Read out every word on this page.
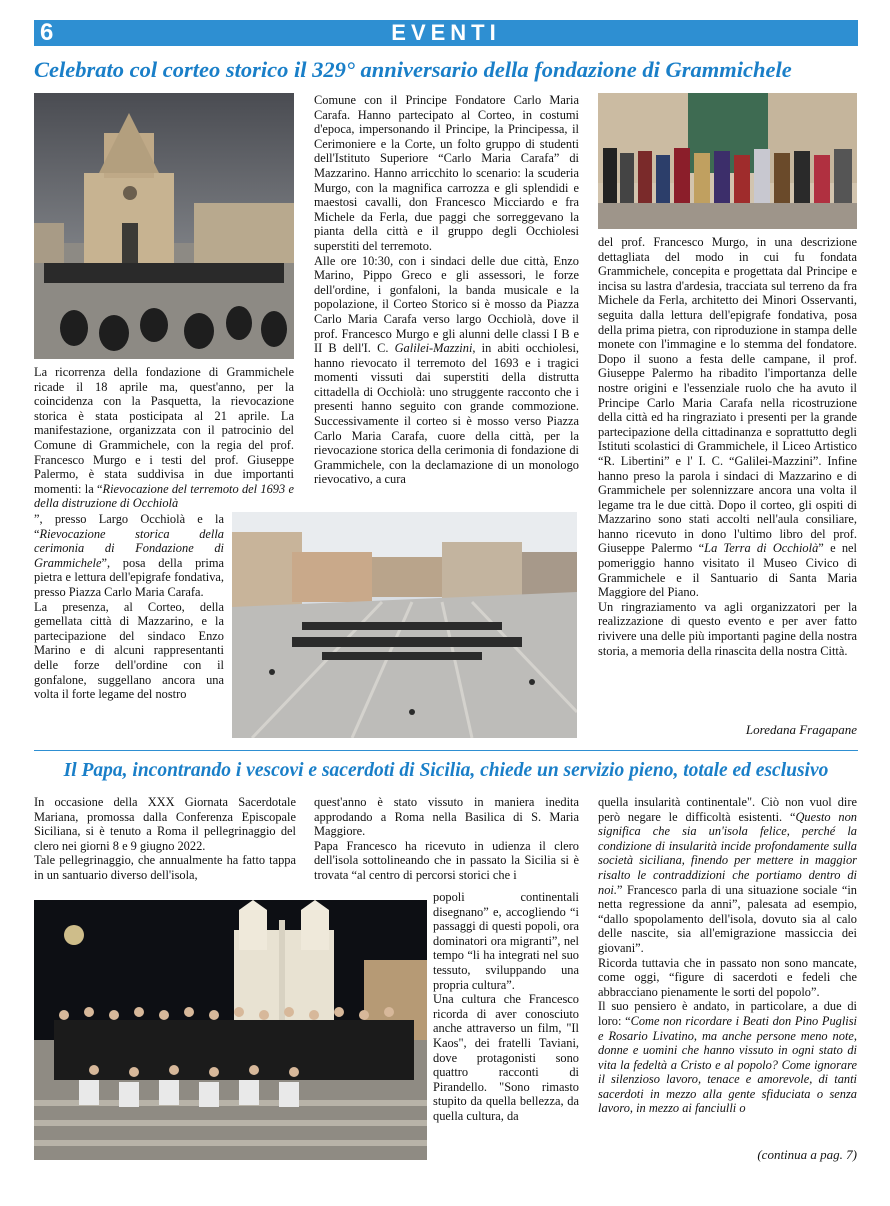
6	EVENTI
Celebrato col corteo storico il 329° anniversario della fondazione di Grammichele

La ricorrenza della fondazione di Grammichele ricade il 18 aprile ma, quest'anno, per la coincidenza con la Pasquetta, la rievocazione storica è stata posticipata al 21 aprile. La manifestazione, organizzata con il patrocinio del Comune di Grammichele, con la regia del prof. Francesco Murgo e i testi del prof. Giuseppe Palermo, è stata suddivisa in due importanti momenti: la “Rievocazione del terremoto del 1693 e della distruzione di Occhiolà

”, presso Largo Occhiolà e la “Rievocazione storica della cerimonia di Fondazione di Grammichele”, posa della prima pietra e lettura dell'epigrafe fondativa, presso Piazza Carlo Maria Carafa.

La presenza, al Corteo, della gemellata città di Mazzarino, e la partecipazione del sindaco Enzo Marino e di alcuni rappresentanti delle forze dell'ordine con il gonfalone, suggellano ancora una volta il forte legame del nostro

Comune con il Principe Fondatore Carlo Maria Carafa. Hanno partecipato al Corteo, in costumi d'epoca, impersonando il Principe, la Principessa, il Cerimoniere e la Corte, un folto gruppo di studenti dell'Istituto Superiore “Carlo Maria Carafa” di Mazzarino. Hanno arricchito lo scenario: la scuderia Murgo, con la magnifica carrozza e gli splendidi e maestosi cavalli, don Francesco Micciardo e fra Michele da Ferla, due paggi che sorreggevano la pianta della città e il gruppo degli Occhiolesi superstiti del terremoto.

Alle ore 10:30, con i sindaci delle due città, Enzo Marino, Pippo Greco e gli assessori, le forze dell'ordine, i gonfaloni, la banda musicale e la popolazione, il Corteo Storico si è mosso da Piazza Carlo Maria Carafa verso largo Occhiolà, dove il prof. Francesco Murgo e gli alunni delle classi I B e II B dell'I. C. Galilei-Mazzini, in abiti occhiolesi, hanno rievocato il terremoto del 1693 e i tragici momenti vissuti dai superstiti della distrutta cittadella di Occhiolà: uno struggente racconto che i presenti hanno seguito con grande commozione. Successivamente il corteo si è mosso verso Piazza Carlo Maria Carafa, cuore della città, per la rievocazione storica della cerimonia di fondazione di Grammichele, con la declamazione di un monologo rievocativo, a cura

del prof. Francesco Murgo, in una descrizione dettagliata del modo in cui fu fondata Grammichele, concepita e progettata dal Principe e incisa su lastra d'ardesia, tracciata sul terreno da fra Michele da Ferla, architetto dei Minori Osservanti, seguita dalla lettura dell'epigrafe fondativa, posa della prima pietra, con riproduzione in stampa delle monete con l'immagine e lo stemma del fondatore. Dopo il suono a festa delle campane, il prof. Giuseppe Palermo ha ribadito l'importanza delle nostre origini e l'essenziale ruolo che ha avuto il Principe Carlo Maria Carafa nella ricostruzione della città ed ha ringraziato i presenti per la grande partecipazione della cittadinanza e soprattutto degli Istituti scolastici di Grammichele, il Liceo Artistico “R. Libertini” e l' I. C. “Galilei-Mazzini”. Infine hanno preso la parola i sindaci di Mazzarino e di Grammichele per solennizzare ancora una volta il legame tra le due città. Dopo il corteo, gli ospiti di Mazzarino sono stati accolti nell'aula consiliare, hanno ricevuto in dono l'ultimo libro del prof. Giuseppe Palermo “La Terra di Occhiolà” e nel pomeriggio hanno visitato il Museo Civico di Grammichele e il Santuario di Santa Maria Maggiore del Piano.

Un ringraziamento va agli organizzatori per la realizzazione di questo evento e per aver fatto rivivere una delle più importanti pagine della nostra storia, a memoria della rinascita della nostra Città.

Loredana Fragapane
Il Papa, incontrando i vescovi e sacerdoti di Sicilia, chiede un servizio pieno, totale ed esclusivo

In occasione della XXX Giornata Sacerdotale Mariana, promossa dalla Conferenza Episcopale Siciliana, si è tenuto a Roma il pellegrinaggio del clero nei giorni 8 e 9 giugno 2022.

Tale pellegrinaggio, che annualmente ha fatto tappa in un santuario diverso dell'isola,

quest'anno è stato vissuto in maniera inedita approdando a Roma nella Basilica di S. Maria Maggiore.

Papa Francesco ha ricevuto in udienza il clero dell'isola sottolineando che in passato la Sicilia si è trovata “al centro di percorsi storici che i

popoli continentali disegnano” e, accogliendo “i passaggi di questi popoli, ora dominatori ora migranti”, nel tempo “li ha integrati nel suo tessuto, sviluppando una propria cultura”.

Una cultura che Francesco ricorda di aver conosciuto anche attraverso un film, "Il Kaos", dei fratelli Taviani, dove protagonisti sono quattro racconti di Pirandello. "Sono rimasto stupito da quella bellezza, da quella cultura, da

quella insularità continentale". Ciò non vuol dire però negare le difficoltà esistenti. “Questo non significa che sia un'isola felice, perché la condizione di insularità incide profondamente sulla società siciliana, finendo per mettere in maggior risalto le contraddizioni che portiamo dentro di noi.” Francesco parla di una situazione sociale “in netta regressione da anni”, palesata ad esempio, “dallo spopolamento dell'isola, dovuto sia al calo delle nascite, sia all'emigrazione massiccia dei giovani”.

Ricorda tuttavia che in passato non sono mancate, come oggi, “figure di sacerdoti e fedeli che abbracciano pienamente le sorti del popolo”.

Il suo pensiero è andato, in particolare, a due di loro: “Come non ricordare i Beati don Pino Puglisi e Rosario Livatino, ma anche persone meno note, donne e uomini che hanno vissuto in ogni stato di vita la fedeltà a Cristo e al popolo? Come ignorare il silenzioso lavoro, tenace e amorevole, di tanti sacerdoti in mezzo alla gente sfiduciata o senza lavoro, in mezzo ai fanciulli o

(continua a pag. 7)
